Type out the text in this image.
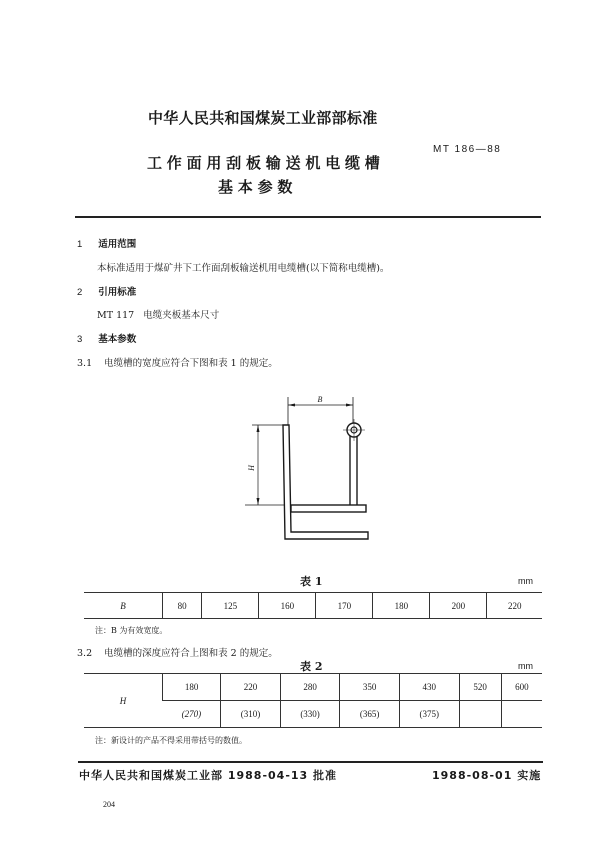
中华人民共和国煤炭工业部部标准
MT 186—88
工作面用刮板输送机电缆槽
基本参数
1 适用范围
本标准适用于煤矿井下工作面刮板输送机用电缆槽(以下简称电缆槽)。
2 引用标准
MT 117   电缆夹板基本尺寸
3 基本参数
3.1 电缆槽的宽度应符合下图和表 1 的规定。
B
H
表 1	mm
B	80	125	160	170	180	200	220
注：B 为有效宽度。
3.2 电缆槽的深度应符合上图和表 2 的规定。
表 2	mm
H	180	220	280	350	430	520	600
	(270)	(310)	(330)	(365)	(375)		
注：新设计的产品不得采用带括号的数值。
中华人民共和国煤炭工业部 1988-04-13 批准	1988-08-01 实施
204
